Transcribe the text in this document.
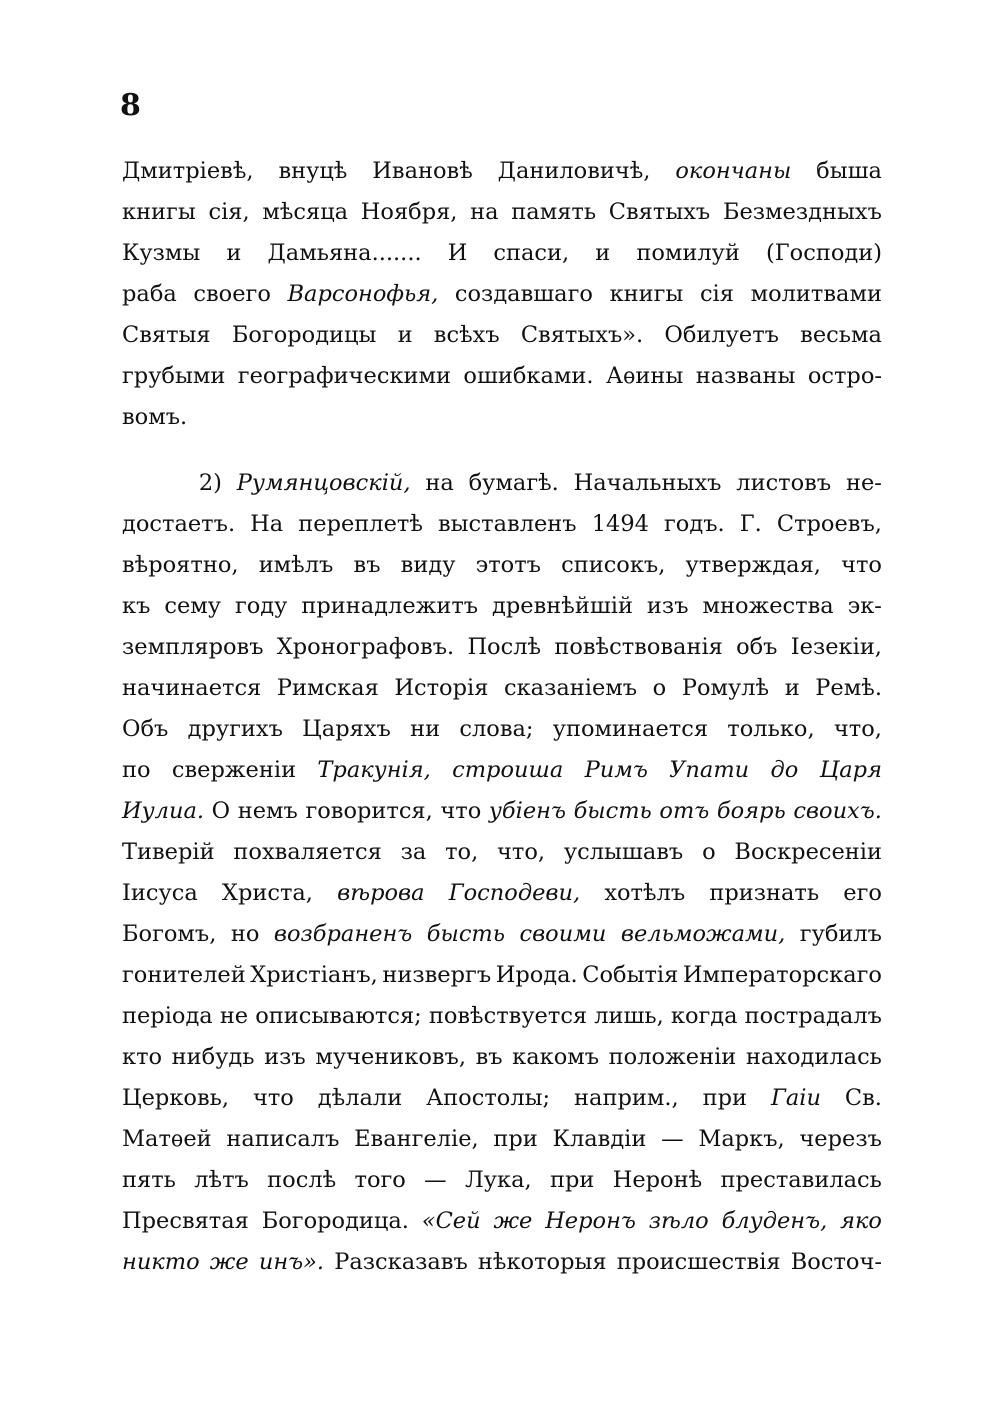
8
Дмитріевѣ, внуцѣ Ивановѣ Даниловичѣ, окончаны быша
книгы сія, мѣсяца Ноября, на память Святыхъ Безмездныхъ
Кузмы и Дамьяна....... И спаси, и помилуй (Господи)
раба своего Варсонофья, создавшаго книгы сія молитвами
Святыя Богородицы и всѣхъ Святыхъ». Обилуетъ весьма
грубыми географическими ошибками. Аѳины названы остро-
вомъ.
2) Румянцовскій, на бумагѣ. Начальныхъ листовъ не-
достаетъ. На переплетѣ выставленъ 1494 годъ. Г. Строевъ,
вѣроятно, имѣлъ въ виду этотъ списокъ, утверждая, что
къ сему году принадлежитъ древнѣйшій изъ множества эк-
земпляровъ Хронографовъ. Послѣ повѣствованія объ Іезекіи,
начинается Римская Исторія сказаніемъ о Ромулѣ и Ремѣ.
Объ другихъ Царяхъ ни слова; упоминается только, что,
по сверженіи Тракунія, строиша Римъ Упати до Царя
Иулиа. О немъ говорится, что убіенъ бысть отъ боярь своихъ.
Тиверій похваляется за то, что, услышавъ о Воскресеніи
Іисуса Христа, вѣрова Господеви, хотѣлъ признать его
Богомъ, но возбраненъ бысть своими вельможами, губилъ
гонителей Христіанъ, низвергъ Ирода. Событія Императорскаго
періода не описываются; повѣствуется лишь, когда пострадалъ
кто нибудь изъ мучениковъ, въ какомъ положеніи находилась
Церковь, что дѣлали Апостолы; наприм., при Гаіи Св.
Матѳей написалъ Евангеліе, при Клавдіи — Маркъ, черезъ
пять лѣтъ послѣ того — Лука, при Неронѣ преставилась
Пресвятая Богородица. «Сей же Неронъ зѣло блуденъ, яко
никто же инъ». Разсказавъ нѣкоторыя происшествія Восточ-
